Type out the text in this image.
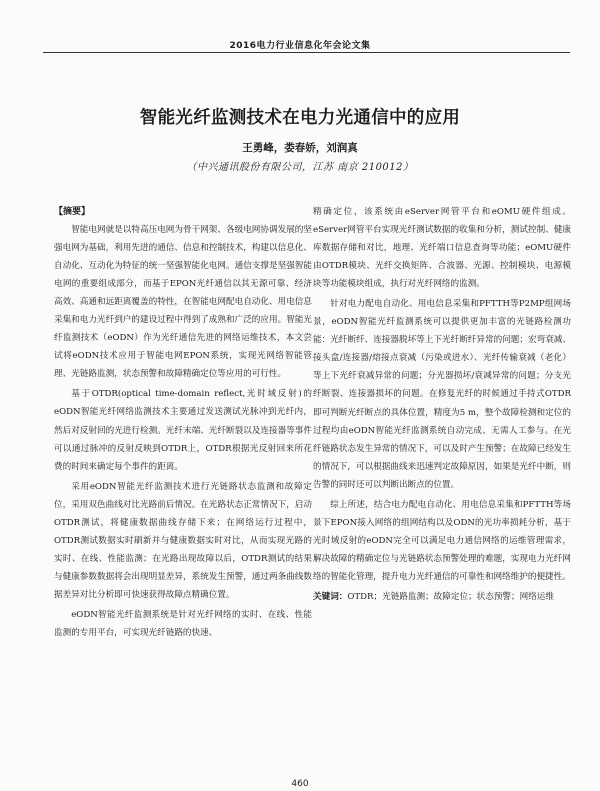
2016电力行业信息化年会论文集
智能光纤监测技术在电力光通信中的应用
王勇峰，娄春娇，刘润真
（中兴通讯股份有限公司，江苏 南京 210012）
【摘要】

智能电网就是以特高压电网为骨干网架、各级电网协调发展的坚强电网为基础，利用先进的通信、信息和控制技术，构建以信息化、自动化、互动化为特征的统一坚强智能化电网。通信支撑是坚强智能电网的重要组成部分，而基于EPON光纤通信以其无源可靠、经济高效、高通和远距离覆盖的特性，在智能电网配电自动化、用电信息采集和电力光纤到户的建设过程中得到了成熟和广泛的应用。智能光纤监测技术（eODN）作为光纤通信先进的网络运维技术，本文尝试将eODN技术应用于智能电网EPON系统，实现光网络智能管理、光链路监测，状态预警和故障精确定位等应用的可行性。

基于OTDR(optical time-domain reflect,光时域反射)的eODN智能光纤网络监测技术主要通过发送测试光脉冲到光纤内，然后对反射回的光进行检测。光纤末端、光纤断裂以及连接器等事件可以通过脉冲的反射反映到OTDR上，OTDR根据光反射回来所花费的时间来确定每个事件的距离。

采用eODN智能光纤监测技术进行光链路状态监测和故障定位，采用双色曲线对比光路前后情况。在光路状态正常情况下，启动OTDR测试，将健康数据曲线存储下来；在网络运行过程中，OTDR测试数据实时刷新并与健康数据实时对比，从而实现光路的实时、在线、性能监测；在光路出现故障以后，OTDR测试的结果与健康参数数据将会出现明显差异，系统发生预警，通过两条曲线数据差异对比分析即可快速获得故障点精确位置。

eODN智能光纤监测系统是针对光纤网络的实时、在线、性能监测的专用平台，可实现光纤链路的快速、

精确定位，该系统由eServer网管平台和eOMU硬件组成。eServer网管平台实现光纤测试数据的收集和分析，测试控制、健康库数据存储和对比，地理、光纤端口信息查询等功能；eOMU硬件由OTDR模块、光纤交换矩阵、合波器、光源、控制模块、电源模块等功能模块组成，执行对光纤网络的监测。

针对电力配电自动化、用电信息采集和PFTTH等P2MP组网场景，eODN智能光纤监测系统可以提供更加丰富的光链路检测功能：光纤断纤、连接器脱坏等上下光纤断纤异常的问题；宏弯衰减、接头盒/连接器/熔接点衰减（污染或进水）、光纤传输衰减（老化）等上下光纤衰减异常的问题；分光器损坏/衰减异常的问题；分支光纤断裂、连接器损坏的问题。在修复光纤的时候通过手持式OTDR即可判断光纤断点的具体位置，精度为5 m，整个故障检测和定位的过程均由eODN智能光纤监测系统自动完成、无需人工参与。在光纤链路状态发生异常的情况下，可以及时产生预警；在故障已经发生的情况下，可以根据曲线来迅速判定故障原因，如果是光纤中断，则告警的同时还可以判断出断点的位置。

综上所述，结合电力配电自动化、用电信息采集和PFTTH等场景下EPON接入网络的组网结构以及ODN的光功率损耗分析，基于光时域反射的eODN完全可以满足电力通信网络的运维管理需求，解决故障的精确定位与光链路状态预警处理的难题，实现电力光纤网络的智能化管理，提升电力光纤通信的可靠性和网络维护的便捷性。

关键词：OTDR；光链路监测；故障定位；状态预警；网络运维

460
